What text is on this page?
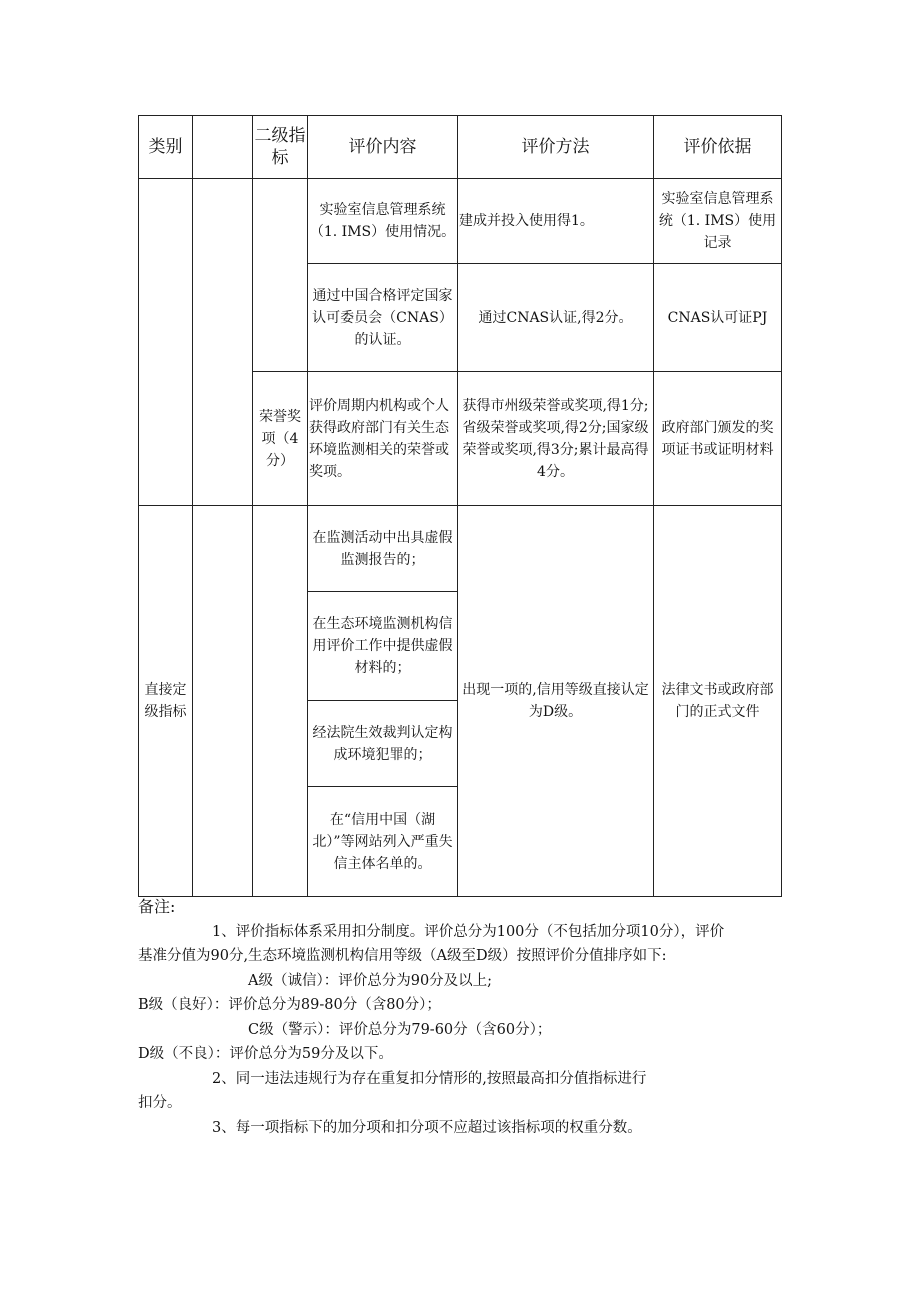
类别		二级指标	评价内容	评价方法	评价依据
			实验室信息管理系统（1. IMS）使用情况。	建成并投入使用得1。	实验室信息管理系统（1. IMS）使用记录
			通过中国合格评定国家认可委员会（CNAS）的认证。	通过CNAS认证,得2分。	CNAS认可证PJ
		荣誉奖项（4分）	评价周期内机构或个人获得政府部门有关生态环境监测相关的荣誉或奖项。	获得市州级荣誉或奖项,得1分;省级荣誉或奖项,得2分;国家级荣誉或奖项,得3分;累计最高得4分。	政府部门颁发的奖项证书或证明材料
直接定级指标			在监测活动中出具虚假监测报告的；	出现一项的,信用等级直接认定为D级。	法律文书或政府部门的正式文件
			在生态环境监测机构信用评价工作中提供虚假材料的；		
			经法院生效裁判认定构成环境犯罪的；		
			在“信用中国（湖北）”等网站列入严重失信主体名单的。		
备注:
1、评价指标体系采用扣分制度。评价总分为100分（不包括加分项10分），评价
基准分值为90分,生态环境监测机构信用等级（A级至D级）按照评价分值排序如下:
A级（诚信）：评价总分为90分及以上;
B级（良好）：评价总分为89-80分（含80分）；
C级（警示）：评价总分为79-60分（含60分）；
D级（不良）：评价总分为59分及以下。
2、同一违法违规行为存在重复扣分情形的,按照最高扣分值指标进行
扣分。
3、每一项指标下的加分项和扣分项不应超过该指标项的权重分数。
